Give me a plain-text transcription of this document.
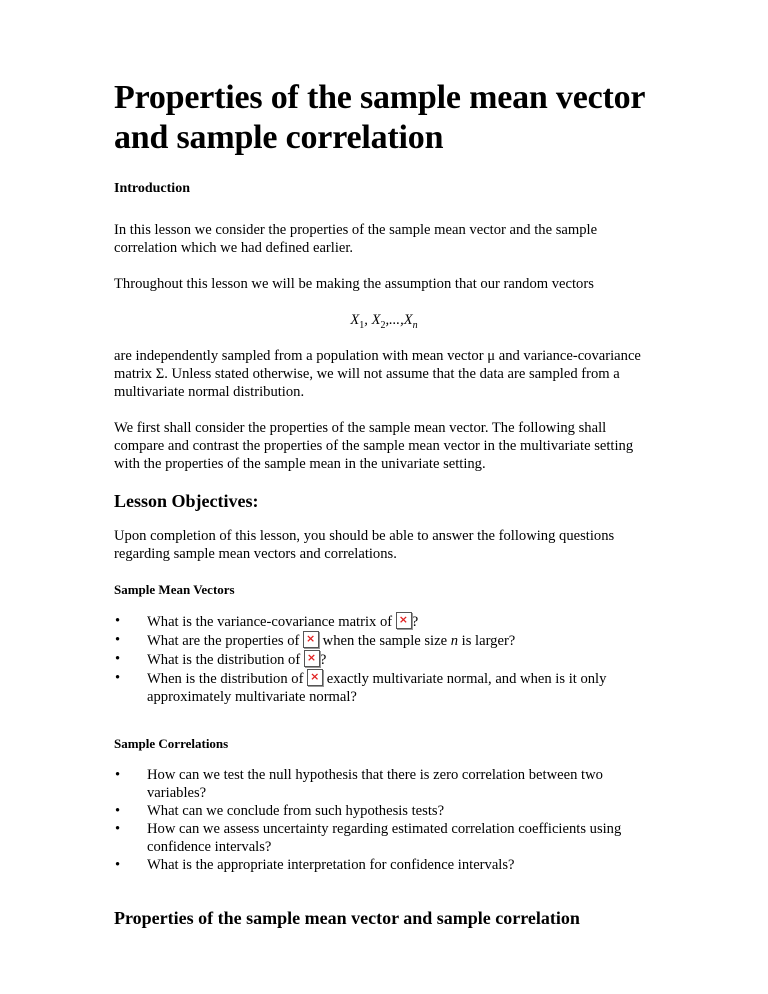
Properties of the sample mean vector and sample correlation
Introduction

In this lesson we consider the properties of the sample mean vector and the sample correlation which we had defined earlier.

Throughout this lesson we will be making the assumption that our random vectors

$X_1$, $X_2,...,X_n$

are independently sampled from a population with mean vector μ and variance-covariance matrix Σ. Unless stated otherwise, we will not assume that the data are sampled from a multivariate normal distribution.

We first shall consider the properties of the sample mean vector. The following shall compare and contrast the properties of the sample mean vector in the multivariate setting with the properties of the sample mean in the univariate setting.

Lesson Objectives:

Upon completion of this lesson, you should be able to answer the following questions regarding sample mean vectors and correlations.

Sample Mean Vectors
• What is the variance-covariance matrix of × ?
• What are the properties of × when the sample size n is larger?
• What is the distribution of × ?
• When is the distribution of × exactly multivariate normal, and when is it only approximately multivariate normal?
Sample Correlations
• How can we test the null hypothesis that there is zero correlation between two variables?
• What can we conclude from such hypothesis tests?
• How can we assess uncertainty regarding estimated correlation coefficients using confidence intervals?
• What is the appropriate interpretation for confidence intervals?
Properties of the sample mean vector and sample correlation
